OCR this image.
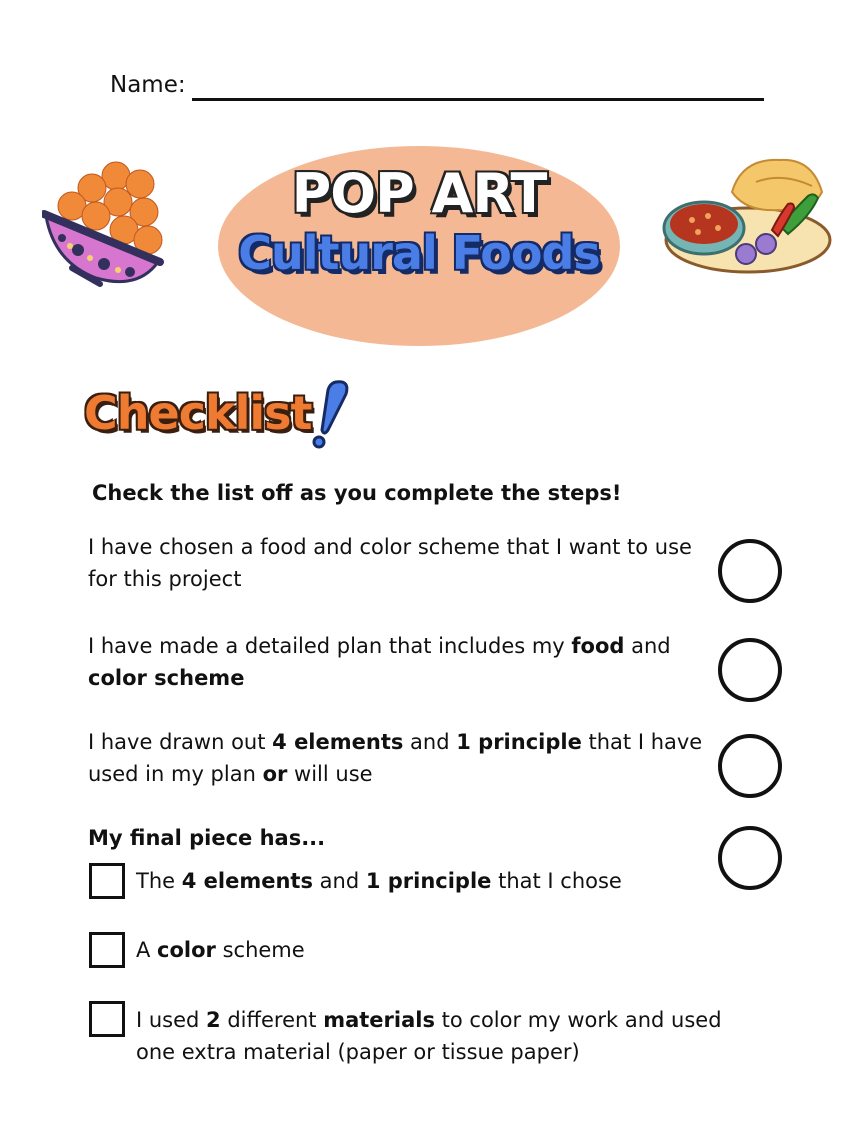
Name:
POP ART
Cultural Foods
Checklist
Check the list off as you complete the steps!
I have chosen a food and color scheme that I want to use for this project
I have made a detailed plan that includes my food and color scheme
I have drawn out 4 elements and 1 principle that I have used in my plan or will use
My final piece has...
The 4 elements and 1 principle that I chose
A color scheme
I used 2 different materials to color my work and used one extra material (paper or tissue paper)
